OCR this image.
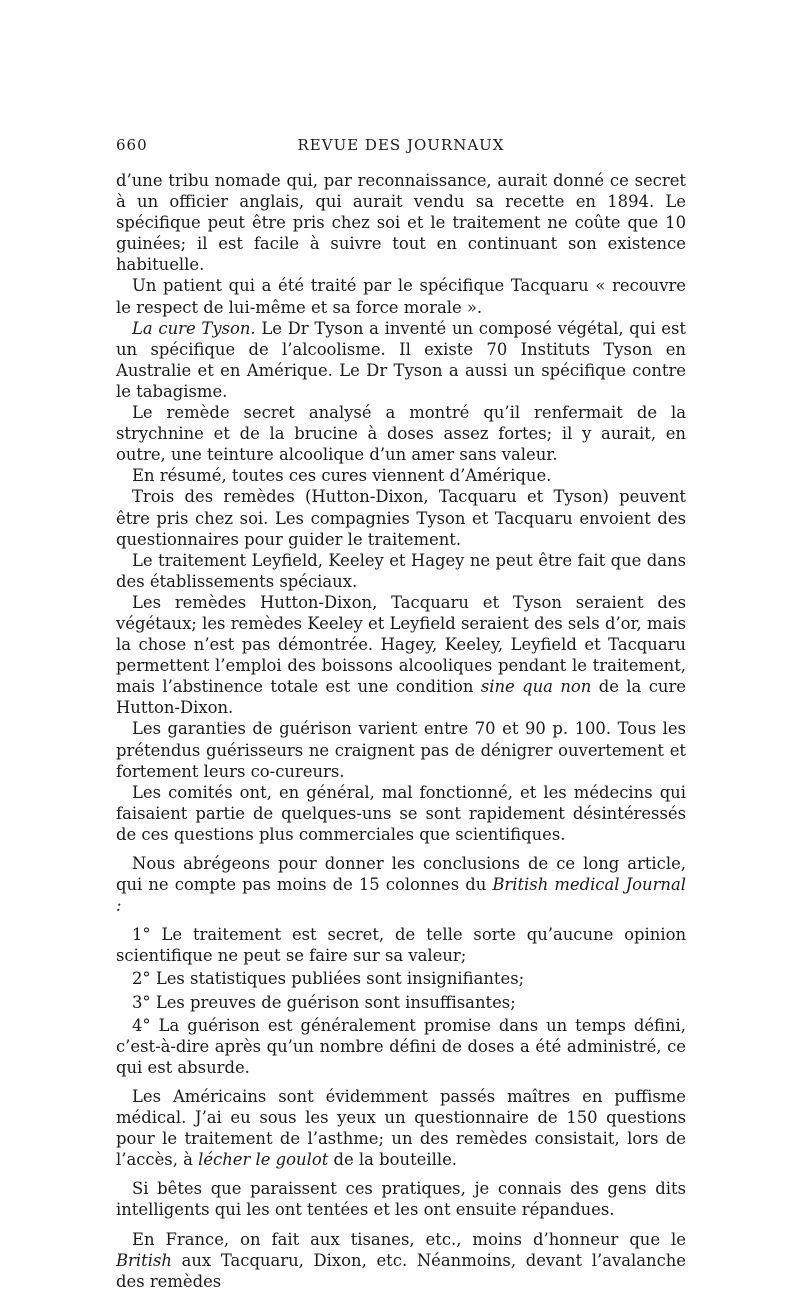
660	REVUE DES JOURNAUX

d’une tribu nomade qui, par reconnaissance, aurait donné ce secret à un officier anglais, qui aurait vendu sa recette en 1894. Le spécifique peut être pris chez soi et le traitement ne coûte que 10 guinées; il est facile à suivre tout en continuant son existence habituelle.

Un patient qui a été traité par le spécifique Tacquaru « recouvre le respect de lui-même et sa force morale ».

La cure Tyson. Le Dr Tyson a inventé un composé végétal, qui est un spécifique de l’alcoolisme. Il existe 70 Instituts Tyson en Australie et en Amérique. Le Dr Tyson a aussi un spécifique contre le tabagisme.

Le remède secret analysé a montré qu’il renfermait de la strychnine et de la brucine à doses assez fortes; il y aurait, en outre, une teinture alcoolique d’un amer sans valeur.

En résumé, toutes ces cures viennent d’Amérique.

Trois des remèdes (Hutton-Dixon, Tacquaru et Tyson) peuvent être pris chez soi. Les compagnies Tyson et Tacquaru envoient des questionnaires pour guider le traitement.

Le traitement Leyfield, Keeley et Hagey ne peut être fait que dans des établissements spéciaux.

Les remèdes Hutton-Dixon, Tacquaru et Tyson seraient des végétaux; les remèdes Keeley et Leyfield seraient des sels d’or, mais la chose n’est pas démontrée. Hagey, Keeley, Leyfield et Tacquaru permettent l’emploi des boissons alcooliques pendant le traitement, mais l’abstinence totale est une condition sine qua non de la cure Hutton-Dixon.

Les garanties de guérison varient entre 70 et 90 p. 100. Tous les prétendus guérisseurs ne craignent pas de dénigrer ouvertement et fortement leurs co-cureurs.

Les comités ont, en général, mal fonctionné, et les médecins qui faisaient partie de quelques-uns se sont rapidement désintéressés de ces questions plus commerciales que scientifiques.

Nous abrégeons pour donner les conclusions de ce long article, qui ne compte pas moins de 15 colonnes du British medical Journal :

1° Le traitement est secret, de telle sorte qu’aucune opinion scientifique ne peut se faire sur sa valeur;

2° Les statistiques publiées sont insignifiantes;

3° Les preuves de guérison sont insuffisantes;

4° La guérison est généralement promise dans un temps défini, c’est-à-dire après qu’un nombre défini de doses a été administré, ce qui est absurde.

Les Américains sont évidemment passés maîtres en puffisme médical. J’ai eu sous les yeux un questionnaire de 150 questions pour le traitement de l’asthme; un des remèdes consistait, lors de l’accès, à lécher le goulot de la bouteille.

Si bêtes que paraissent ces pratiques, je connais des gens dits intelligents qui les ont tentées et les ont ensuite répandues.

En France, on fait aux tisanes, etc., moins d’honneur que le British aux Tacquaru, Dixon, etc. Néanmoins, devant l’avalanche des remèdes
